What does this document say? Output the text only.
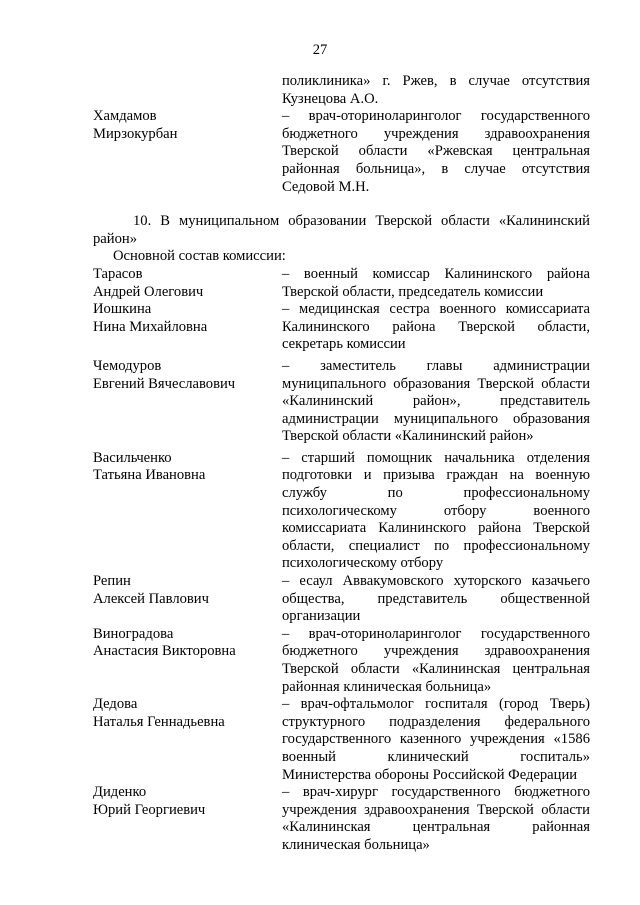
27
поликлиника» г. Ржев, в случае отсутствия
Кузнецова А.О.
Хамдамов
Мирзокурбан
– врач-оториноларинголог государственного
бюджетного учреждения здравоохранения
Тверской области «Ржевская центральная
районная больница», в случае отсутствия
Седовой М.Н.
10. В муниципальном образовании Тверской области «Калининский
район»
Основной состав комиссии:
Тарасов
Андрей Олегович
– военный комиссар Калининского района
Тверской области, председатель комиссии
Иошкина
Нина Михайловна
– медицинская сестра военного комиссариата
Калининского района Тверской области,
секретарь комиссии
Чемодуров
Евгений Вячеславович
– заместитель главы администрации
муниципального образования Тверской области
«Калининский район», представитель
администрации муниципального образования
Тверской области «Калининский район»
Васильченко
Татьяна Ивановна
– старший помощник начальника отделения
подготовки и призыва граждан на военную
службу по профессиональному
психологическому отбору военного
комиссариата Калининского района Тверской
области, специалист по профессиональному
психологическому отбору
Репин
Алексей Павлович
– есаул Аввакумовского хуторского казачьего
общества, представитель общественной
организации
Виноградова
Анастасия Викторовна
– врач-оториноларинголог государственного
бюджетного учреждения здравоохранения
Тверской области «Калининская центральная
районная клиническая больница»
Дедова
Наталья Геннадьевна
– врач-офтальмолог госпиталя (город Тверь)
структурного подразделения федерального
государственного казенного учреждения «1586
военный клинический госпиталь»
Министерства обороны Российской Федерации
Диденко
Юрий Георгиевич
– врач-хирург государственного бюджетного
учреждения здравоохранения Тверской области
«Калининская центральная районная
клиническая больница»
